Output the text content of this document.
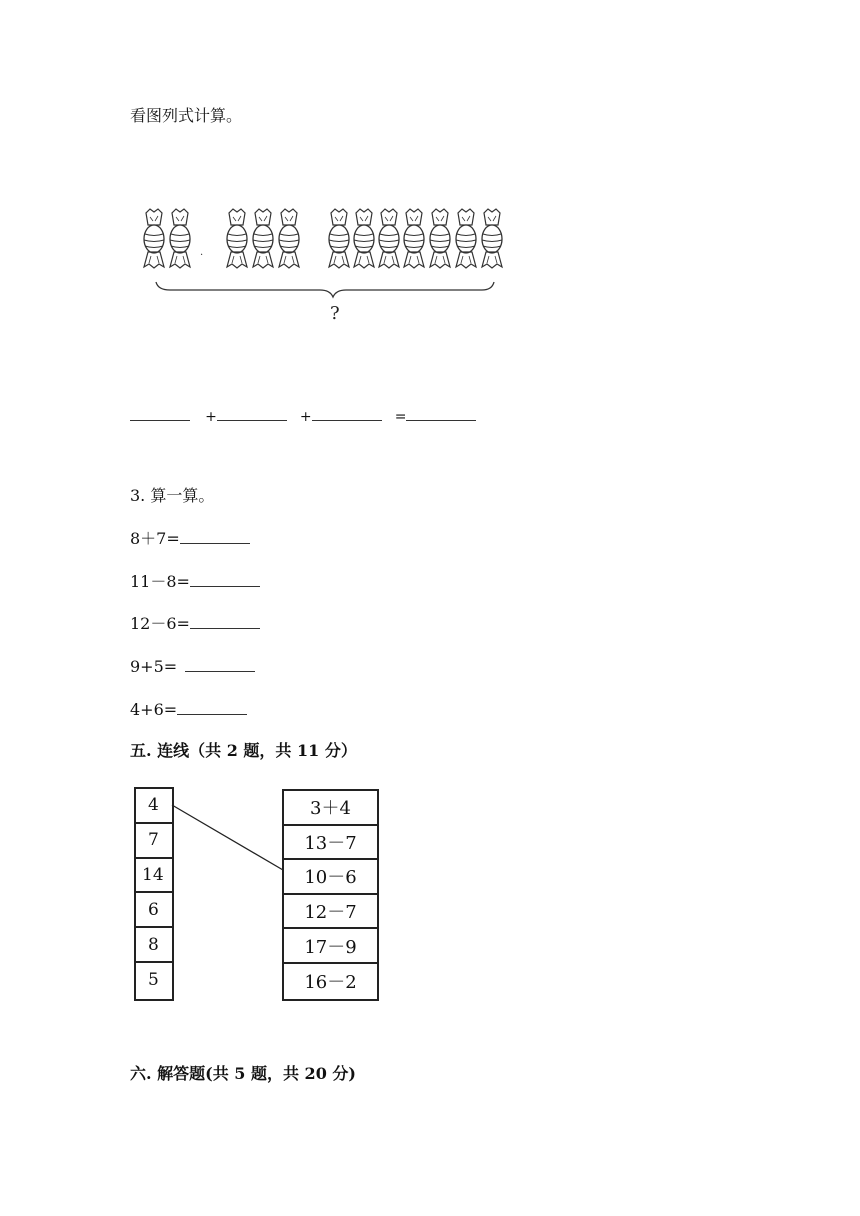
看图列式计算。
.
?
+	+	=
3. 算一算。
8＋7=
11－8=
12－6=
9+5=
4+6=
五. 连线（共 2 题，共 11 分）
4
7
14
6
8
5
3＋4
13－7
10－6
12－7
17－9
16－2
六. 解答题(共 5 题，共 20 分)
